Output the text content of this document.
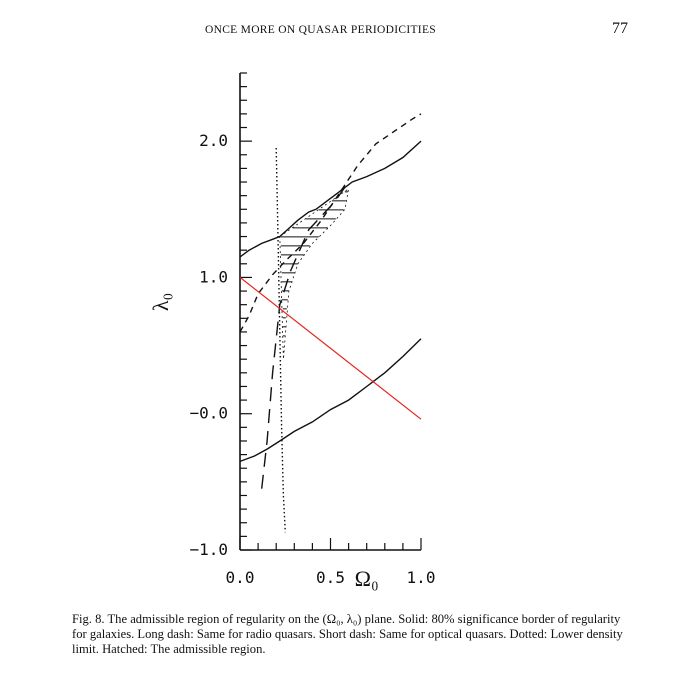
ONCE MORE ON QUASAR PERIODICITIES	77
−1.0
−0.0
1.0
2.0
0.0	0.5	1.0
Ω₀
λ₀
Fig. 8. The admissible region of regularity on the (Ω₀, λ₀) plane. Solid: 80% significance border of regularity for galaxies. Long dash: Same for radio quasars. Short dash: Same for optical quasars. Dotted: Lower density limit. Hatched: The admissible region.
